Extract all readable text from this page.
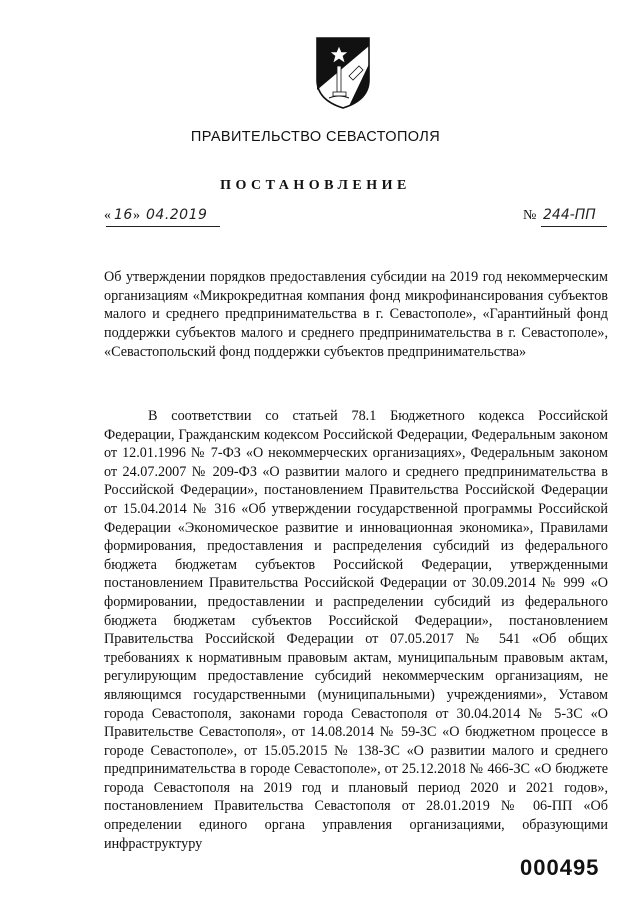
ПРАВИТЕЛЬСТВО СЕВАСТОПОЛЯ
ПОСТАНОВЛЕНИЕ
« 16 » 04.2019	№ 244-ПП
Об утверждении порядков предоставления субсидии на 2019 год некоммерческим организациям «Микрокредитная компания фонд микрофинансирования субъектов малого и среднего предпринимательства в г. Севастополе», «Гарантийный фонд поддержки субъектов малого и среднего предпринимательства в г. Севастополе», «Севастопольский фонд поддержки субъектов предпринимательства»
В соответствии со статьей 78.1 Бюджетного кодекса Российской Федерации, Гражданским кодексом Российской Федерации, Федеральным законом от 12.01.1996 № 7-ФЗ «О некоммерческих организациях», Федеральным законом от 24.07.2007 № 209-ФЗ «О развитии малого и среднего предпринимательства в Российской Федерации», постановлением Правительства Российской Федерации от 15.04.2014 № 316 «Об утверждении государственной программы Российской Федерации «Экономическое развитие и инновационная экономика», Правилами формирования, предоставления и распределения субсидий из федерального бюджета бюджетам субъектов Российской Федерации, утвержденными постановлением Правительства Российской Федерации от 30.09.2014 № 999 «О формировании, предоставлении и распределении субсидий из федерального бюджета бюджетам субъектов Российской Федерации», постановлением Правительства Российской Федерации от 07.05.2017 № 541 «Об общих требованиях к нормативным правовым актам, муниципальным правовым актам, регулирующим предоставление субсидий некоммерческим организациям, не являющимся государственными (муниципальными) учреждениями», Уставом города Севастополя, законами города Севастополя от 30.04.2014 № 5-ЗС «О Правительстве Севастополя», от 14.08.2014 № 59-ЗС «О бюджетном процессе в городе Севастополе», от 15.05.2015 № 138-ЗС «О развитии малого и среднего предпринимательства в городе Севастополе», от 25.12.2018 № 466-ЗС «О бюджете города Севастополя на 2019 год и плановый период 2020 и 2021 годов», постановлением Правительства Севастополя от 28.01.2019 № 06-ПП «Об определении единого органа управления организациями, образующими инфраструктуру
000495
